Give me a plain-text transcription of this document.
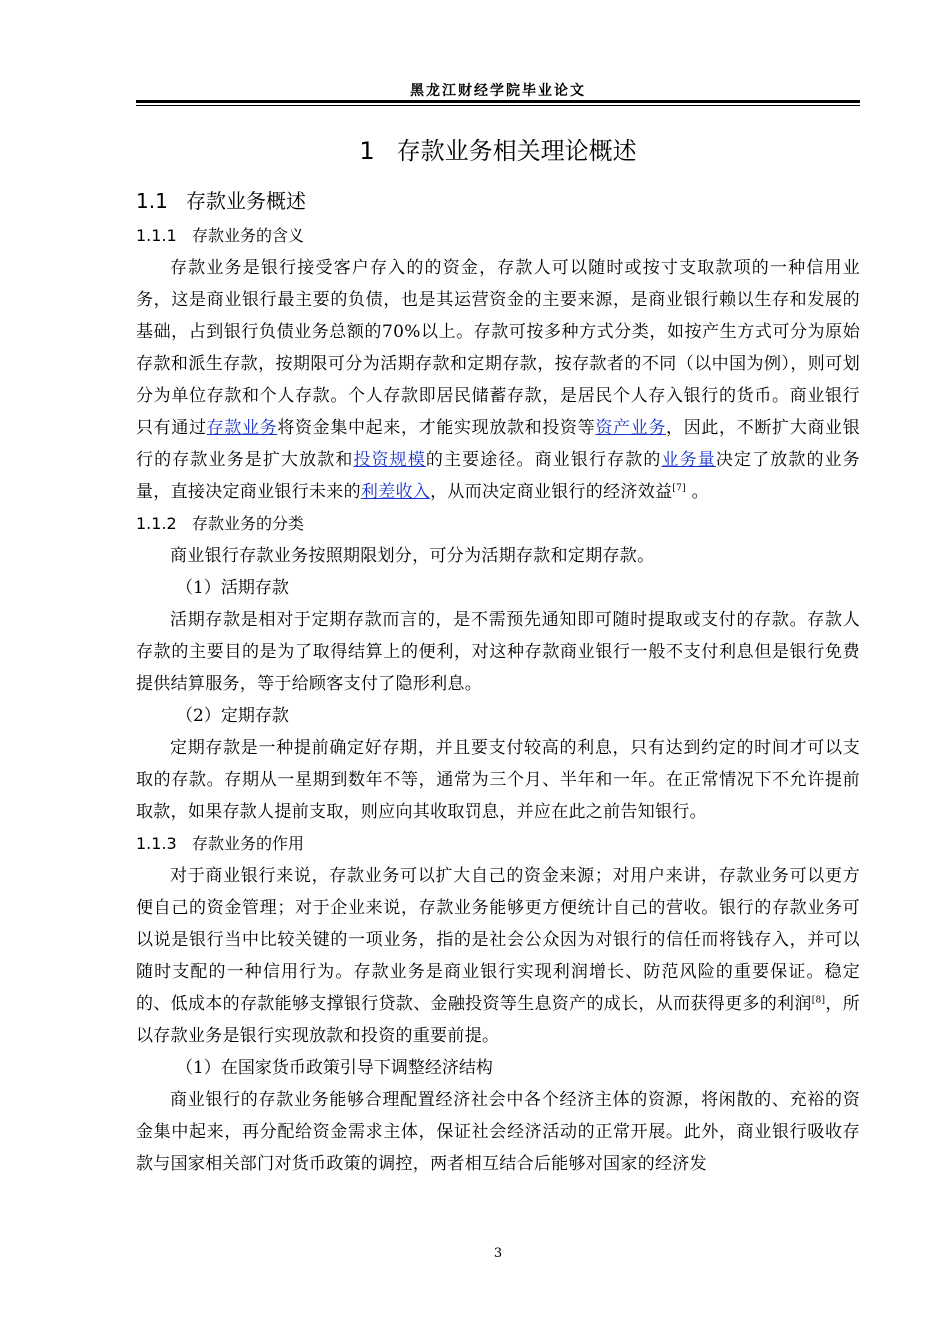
黑龙江财经学院毕业论文
1 存款业务相关理论概述
1.1 存款业务概述
1.1.1 存款业务的含义

存款业务是银行接受客户存入的的资金，存款人可以随时或按寸支取款项的一种信用业务，这是商业银行最主要的负债，也是其运营资金的主要来源，是商业银行赖以生存和发展的基础，占到银行负债业务总额的70%以上。存款可按多种方式分类，如按产生方式可分为原始存款和派生存款，按期限可分为活期存款和定期存款，按存款者的不同（以中国为例），则可划分为单位存款和个人存款。个人存款即居民储蓄存款，是居民个人存入银行的货币。商业银行只有通过存款业务将资金集中起来，才能实现放款和投资等资产业务，因此，不断扩大商业银行的存款业务是扩大放款和投资规模的主要途径。商业银行存款的业务量决定了放款的业务量，直接决定商业银行未来的利差收入，从而决定商业银行的经济效益[7] 。

1.1.2 存款业务的分类

商业银行存款业务按照期限划分，可分为活期存款和定期存款。

（1）活期存款

活期存款是相对于定期存款而言的，是不需预先通知即可随时提取或支付的存款。存款人存款的主要目的是为了取得结算上的便利，对这种存款商业银行一般不支付利息但是银行免费提供结算服务，等于给顾客支付了隐形利息。

（2）定期存款

定期存款是一种提前确定好存期，并且要支付较高的利息，只有达到约定的时间才可以支取的存款。存期从一星期到数年不等，通常为三个月、半年和一年。在正常情况下不允许提前取款，如果存款人提前支取，则应向其收取罚息，并应在此之前告知银行。

1.1.3 存款业务的作用

对于商业银行来说，存款业务可以扩大自己的资金来源；对用户来讲，存款业务可以更方便自己的资金管理；对于企业来说，存款业务能够更方便统计自己的营收。银行的存款业务可以说是银行当中比较关键的一项业务，指的是社会公众因为对银行的信任而将钱存入，并可以随时支配的一种信用行为。存款业务是商业银行实现利润增长、防范风险的重要保证。稳定的、低成本的存款能够支撑银行贷款、金融投资等生息资产的成长，从而获得更多的利润[8]，所以存款业务是银行实现放款和投资的重要前提。

（1）在国家货币政策引导下调整经济结构

商业银行的存款业务能够合理配置经济社会中各个经济主体的资源，将闲散的、充裕的资金集中起来，再分配给资金需求主体，保证社会经济活动的正常开展。此外，商业银行吸收存款与国家相关部门对货币政策的调控，两者相互结合后能够对国家的经济发

3
